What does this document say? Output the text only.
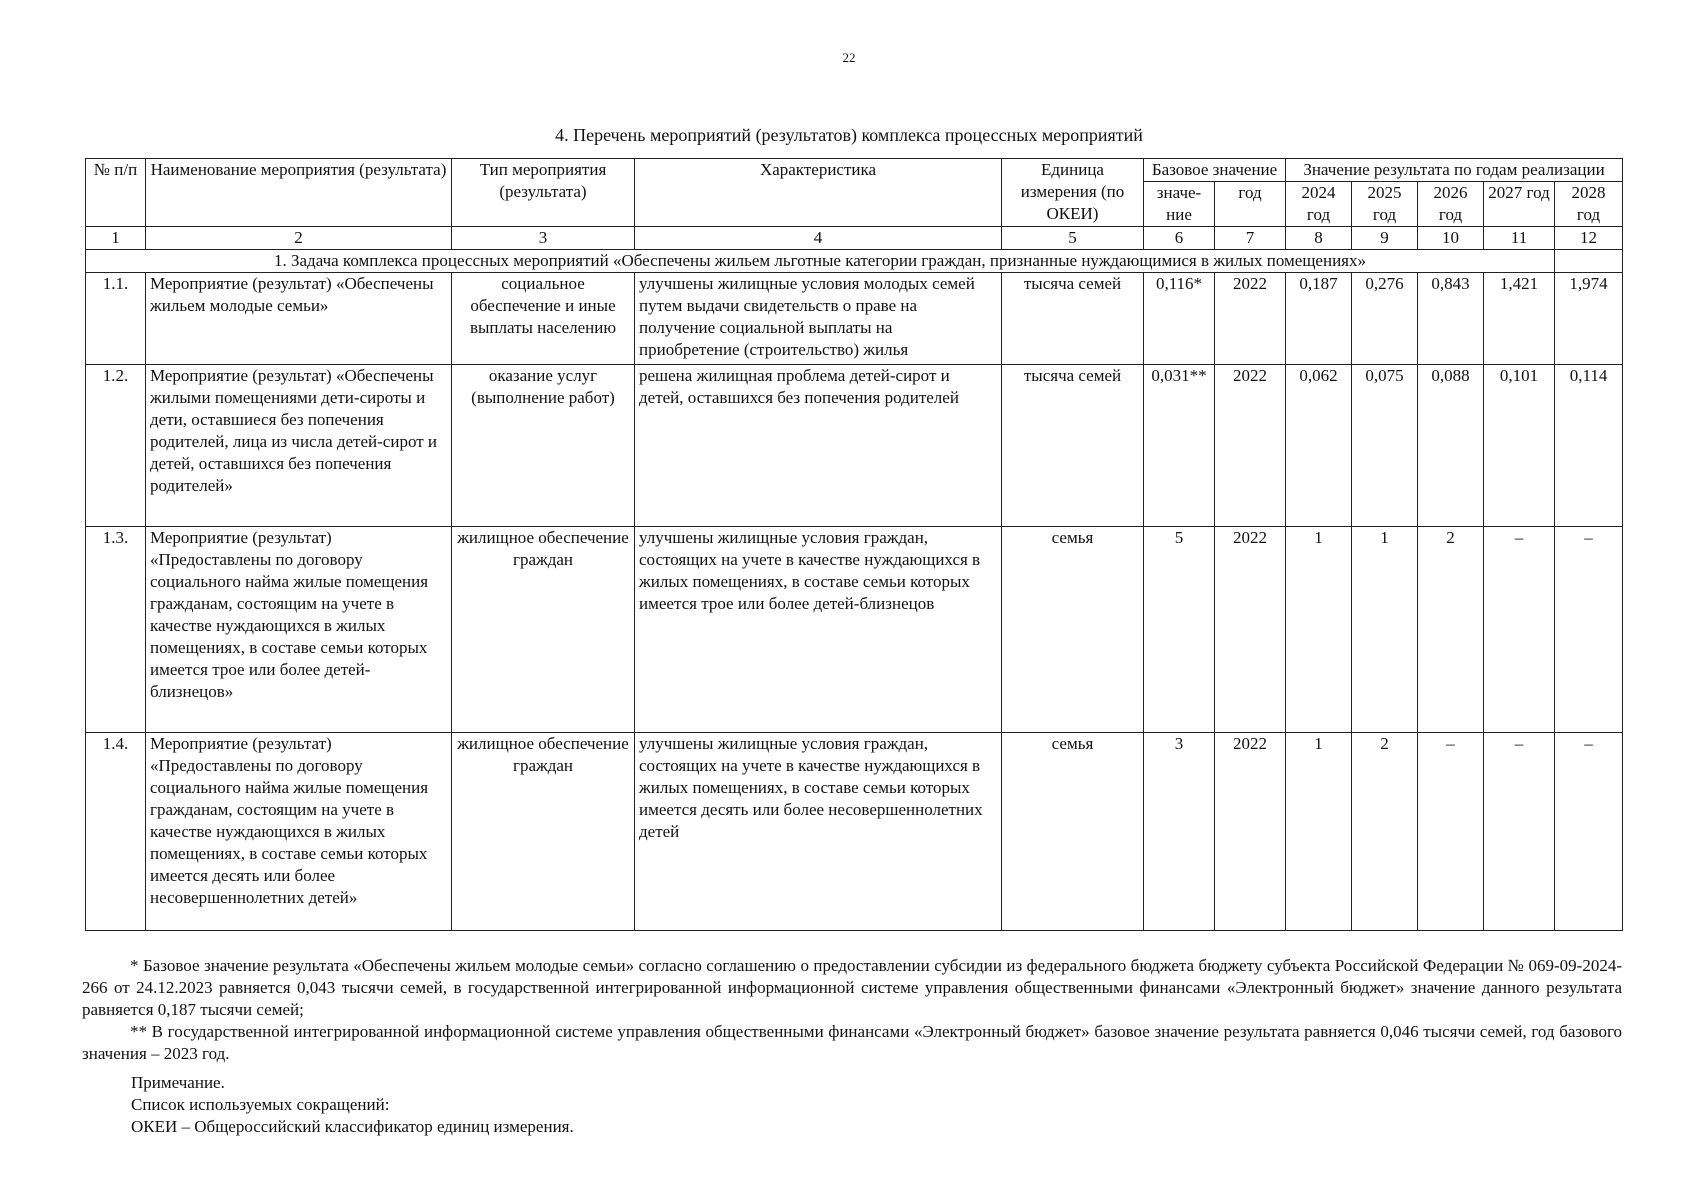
22
4. Перечень мероприятий (результатов) комплекса процессных мероприятий
№ п/п	Наименование мероприятия (результата)	Тип мероприятия (результата)	Характеристика	Единица измерения (по ОКЕИ)	Базовое значение		Значение результата по годам реализации				

					значе-ние	год	2024 год	2025 год	2026 год	2027 год	2028 год
1	2	3	4	5	6	7	8	9	10	11	12
1. Задача комплекса процессных мероприятий «Обеспечены жильем льготные категории граждан, признанные нуждающимися в жилых помещениях»											
1.1.	Мероприятие (результат) «Обеспечены жильем молодые семьи»	социальное обеспечение и иные выплаты населению	улучшены жилищные условия молодых семей путем выдачи свидетельств о праве на получение социальной выплаты на приобретение (строительство) жилья	тысяча семей	0,116*	2022	0,187	0,276	0,843	1,421	1,974
1.2.	Мероприятие (результат) «Обеспечены жилыми помещениями дети-сироты и дети, оставшиеся без попечения родителей, лица из числа детей-сирот и детей, оставшихся без попечения родителей»	оказание услуг (выполнение работ)	решена жилищная проблема детей-сирот и детей, оставшихся без попечения родителей	тысяча семей	0,031**	2022	0,062	0,075	0,088	0,101	0,114
1.3.	Мероприятие (результат) «Предоставлены по договору социального найма жилые помещения гражданам, состоящим на учете в качестве нуждающихся в жилых помещениях, в составе семьи которых имеется трое или более детей-близнецов»	жилищное обеспечение граждан	улучшены жилищные условия граждан, состоящих на учете в качестве нуждающихся в жилых помещениях, в составе семьи которых имеется трое или более детей-близнецов	семья	5	2022	1	1	2	–	–
1.4.	Мероприятие (результат) «Предоставлены по договору социального найма жилые помещения гражданам, состоящим на учете в качестве нуждающихся в жилых помещениях, в составе семьи которых имеется десять или более несовершеннолетних детей»	жилищное обеспечение граждан	улучшены жилищные условия граждан, состоящих на учете в качестве нуждающихся в жилых помещениях, в составе семьи которых имеется десять или более несовершеннолетних детей	семья	3	2022	1	2	–	–	–

* Базовое значение результата «Обеспечены жильем молодые семьи» согласно соглашению о предоставлении субсидии из федерального бюджета бюджету субъекта Российской Федерации № 069-09-2024-266 от 24.12.2023 равняется 0,043 тысячи семей, в государственной интегрированной информационной системе управления общественными финансами «Электронный бюджет» значение данного результата равняется 0,187 тысячи семей;

** В государственной интегрированной информационной системе управления общественными финансами «Электронный бюджет» базовое значение результата равняется 0,046 тысячи семей, год базового значения – 2023 год.

Примечание.
Список используемых сокращений:
ОКЕИ – Общероссийский классификатор единиц измерения.
